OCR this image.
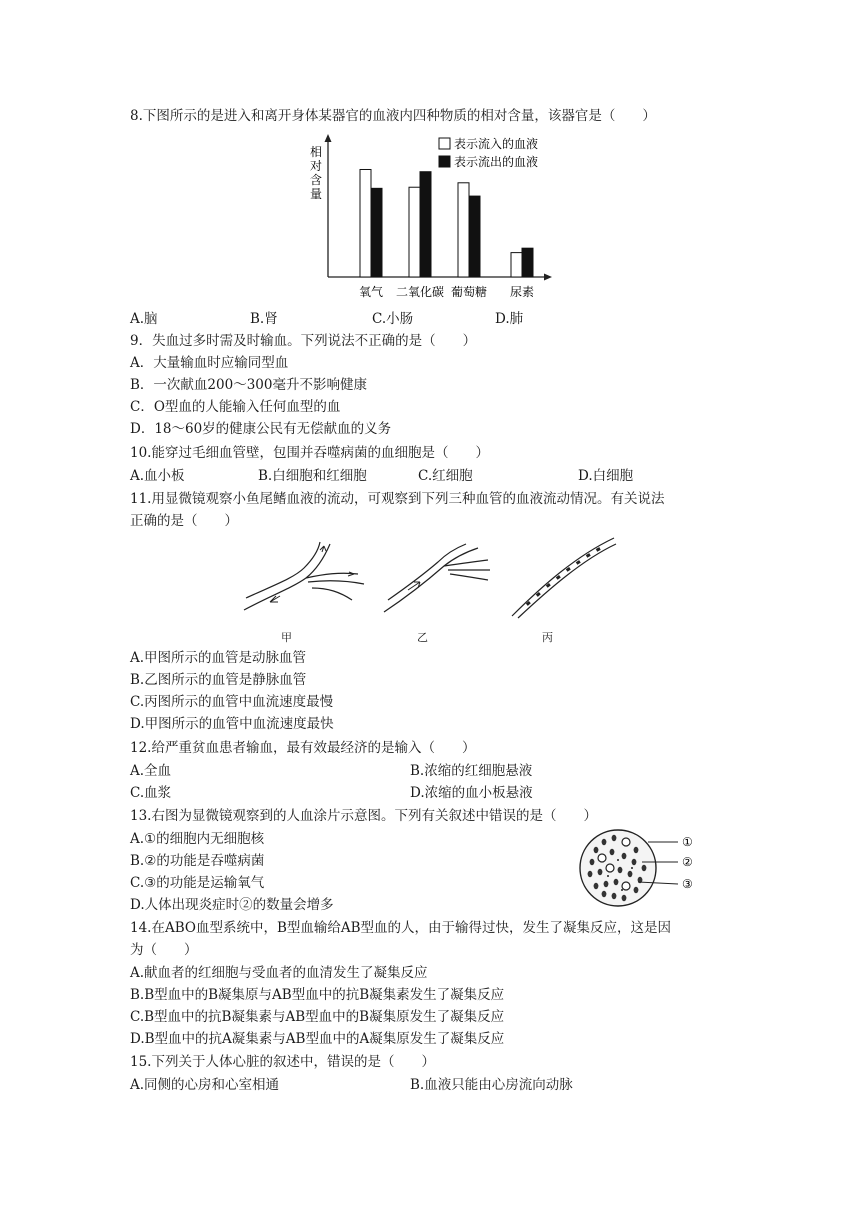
8.下图所示的是进入和离开身体某器官的血液内四种物质的相对含量，该器官是（　　）
表示流入的血液
表示流出的血液
相对含量
氧气 二氧化碳 葡萄糖 尿素
A.脑	B.肾	C.小肠	D.肺
9．失血过多时需及时输血。下列说法不正确的是（　　）
A．大量输血时应输同型血
B．一次献血200～300毫升不影响健康
C．O型血的人能输入任何血型的血
D．18～60岁的健康公民有无偿献血的义务
10.能穿过毛细血管壁，包围并吞噬病菌的血细胞是（　　）
A.血小板	B.白细胞和红细胞	C.红细胞	D.白细胞
11.用显微镜观察小鱼尾鳍血液的流动，可观察到下列三种血管的血液流动情况。有关说法
正确的是（　　）
甲	乙	丙
A.甲图所示的血管是动脉血管
B.乙图所示的血管是静脉血管
C.丙图所示的血管中血流速度最慢
D.甲图所示的血管中血流速度最快
12.给严重贫血患者输血，最有效最经济的是输入（　　）
A.全血	B.浓缩的红细胞悬液
C.血浆	D.浓缩的血小板悬液
13.右图为显微镜观察到的人血涂片示意图。下列有关叙述中错误的是（　　）
A.①的细胞内无细胞核
B.②的功能是吞噬病菌
C.③的功能是运输氧气
D.人体出现炎症时②的数量会增多
①
②
③
14.在ABO血型系统中，B型血输给AB型血的人，由于输得过快，发生了凝集反应，这是因
为（　　）
A.献血者的红细胞与受血者的血清发生了凝集反应
B.B型血中的B凝集原与AB型血中的抗B凝集素发生了凝集反应
C.B型血中的抗B凝集素与AB型血中的B凝集原发生了凝集反应
D.B型血中的抗A凝集素与AB型血中的A凝集原发生了凝集反应
15.下列关于人体心脏的叙述中，错误的是（　　）
A.同侧的心房和心室相通	B.血液只能由心房流向动脉
